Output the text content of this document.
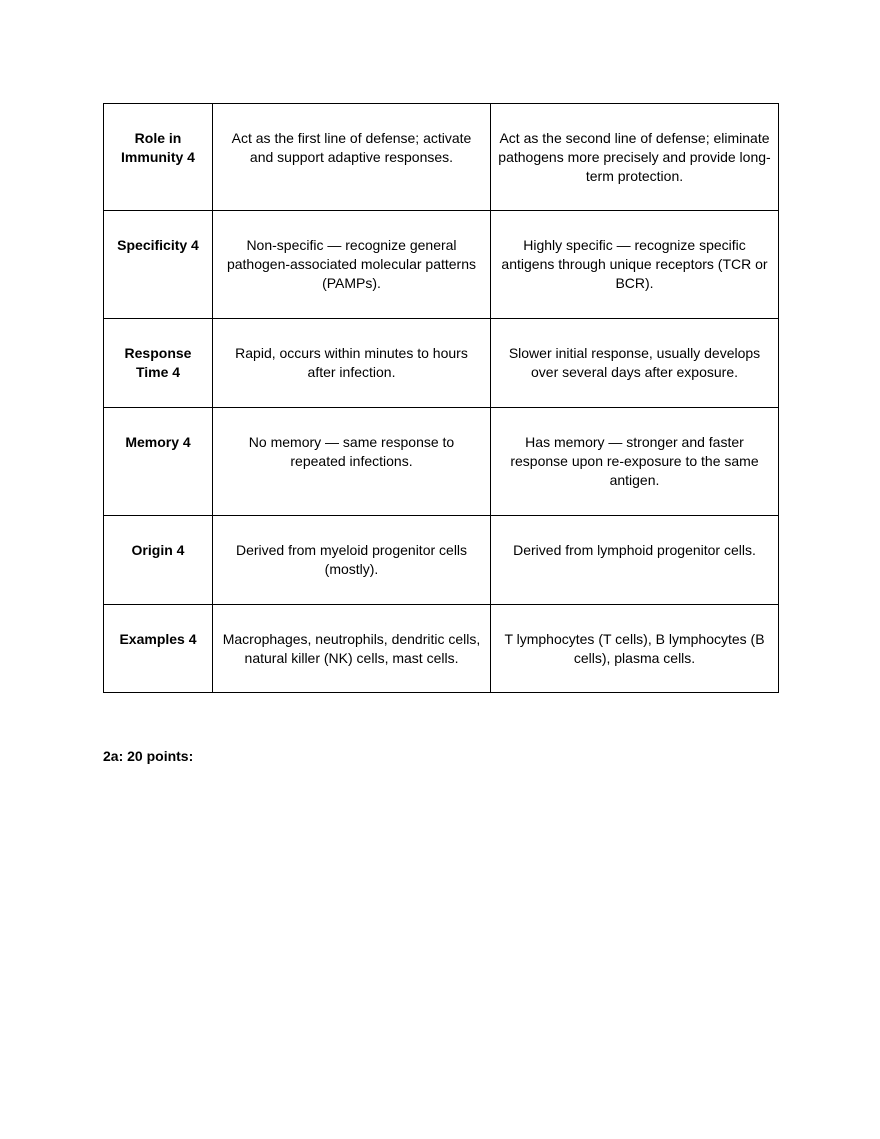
Role in Immunity 4	Act as the first line of defense; activate and support adaptive responses.	Act as the second line of defense; eliminate pathogens more precisely and provide long-term protection.
Specificity 4	Non-specific — recognize general pathogen-associated molecular patterns (PAMPs).	Highly specific — recognize specific antigens through unique receptors (TCR or BCR).
Response Time 4	Rapid, occurs within minutes to hours after infection.	Slower initial response, usually develops over several days after exposure.
Memory 4	No memory — same response to repeated infections.	Has memory — stronger and faster response upon re-exposure to the same antigen.
Origin 4	Derived from myeloid progenitor cells (mostly).	Derived from lymphoid progenitor cells.
Examples 4	Macrophages, neutrophils, dendritic cells, natural killer (NK) cells, mast cells.	T lymphocytes (T cells), B lymphocytes (B cells), plasma cells.
2a: 20 points:
